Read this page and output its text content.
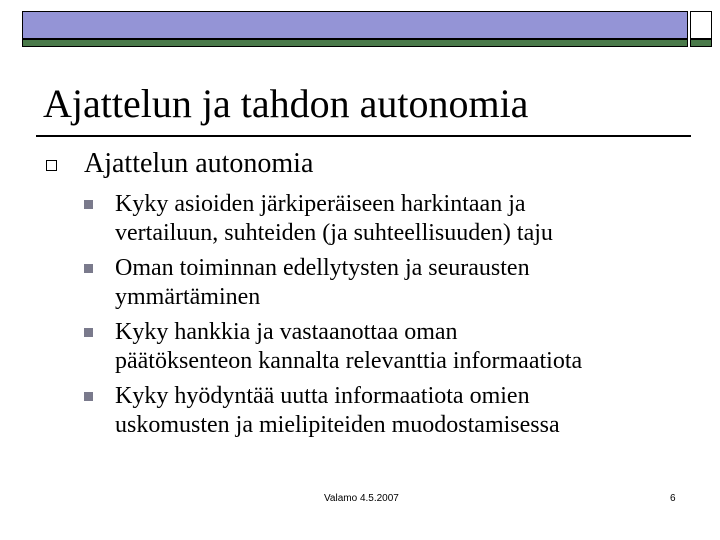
Ajattelun ja tahdon autonomia
Ajattelun autonomia
Kyky asioiden järkiperäiseen harkintaan ja
vertailuun, suhteiden (ja suhteellisuuden) taju
Oman toiminnan edellytysten ja seurausten
ymmärtäminen
Kyky hankkia ja vastaanottaa oman
päätöksenteon kannalta relevanttia informaatiota
Kyky hyödyntää uutta informaatiota omien
uskomusten ja mielipiteiden muodostamisessa
Valamo 4.5.2007	6
